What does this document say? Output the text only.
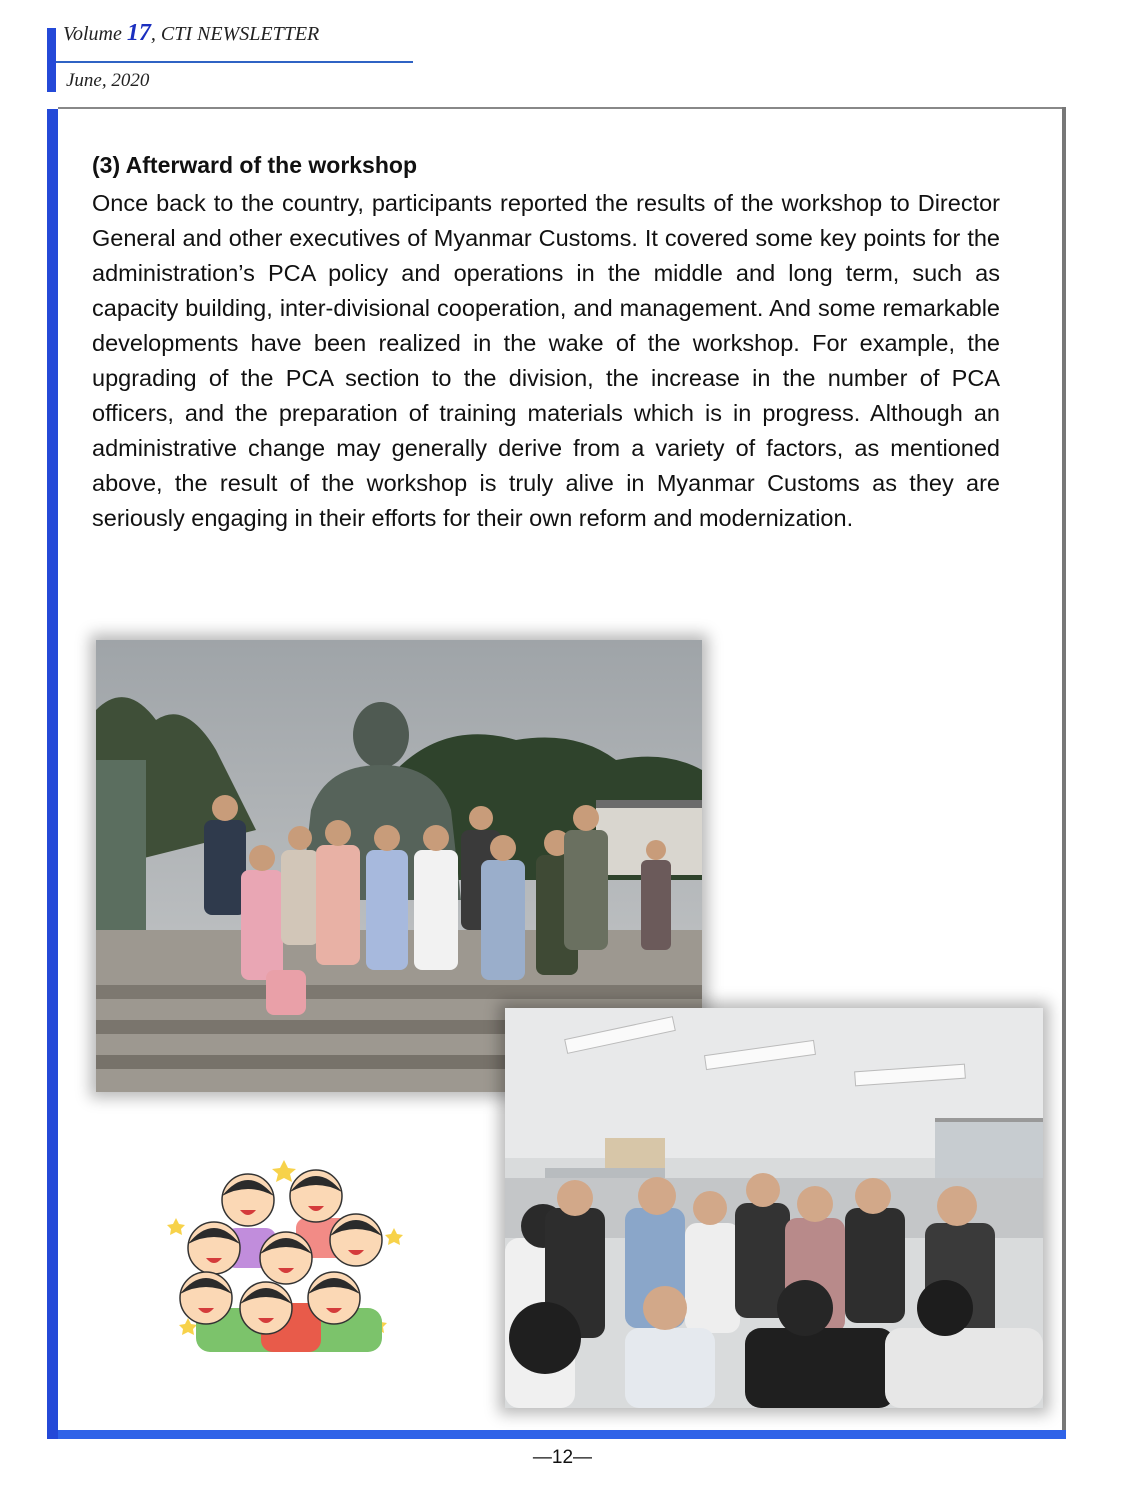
Volume 17, CTI NEWSLETTER
June, 2020
(3) Afterward of the workshop
Once back to the country, participants reported the results of the workshop to Director General and other executives of Myanmar Customs. It covered some key points for the administration’s PCA policy and operations in the middle and long term, such as capacity building, inter-divisional cooperation, and management. And some remarkable developments have been realized in the wake of the workshop. For example, the upgrading of the PCA section to the division, the increase in the number of PCA officers, and the preparation of training materials which is in progress. Although an administrative change may generally derive from a variety of factors, as mentioned above, the result of the workshop is truly alive in Myanmar Customs as they are seriously engaging in their efforts for their own reform and modernization.
—12—
